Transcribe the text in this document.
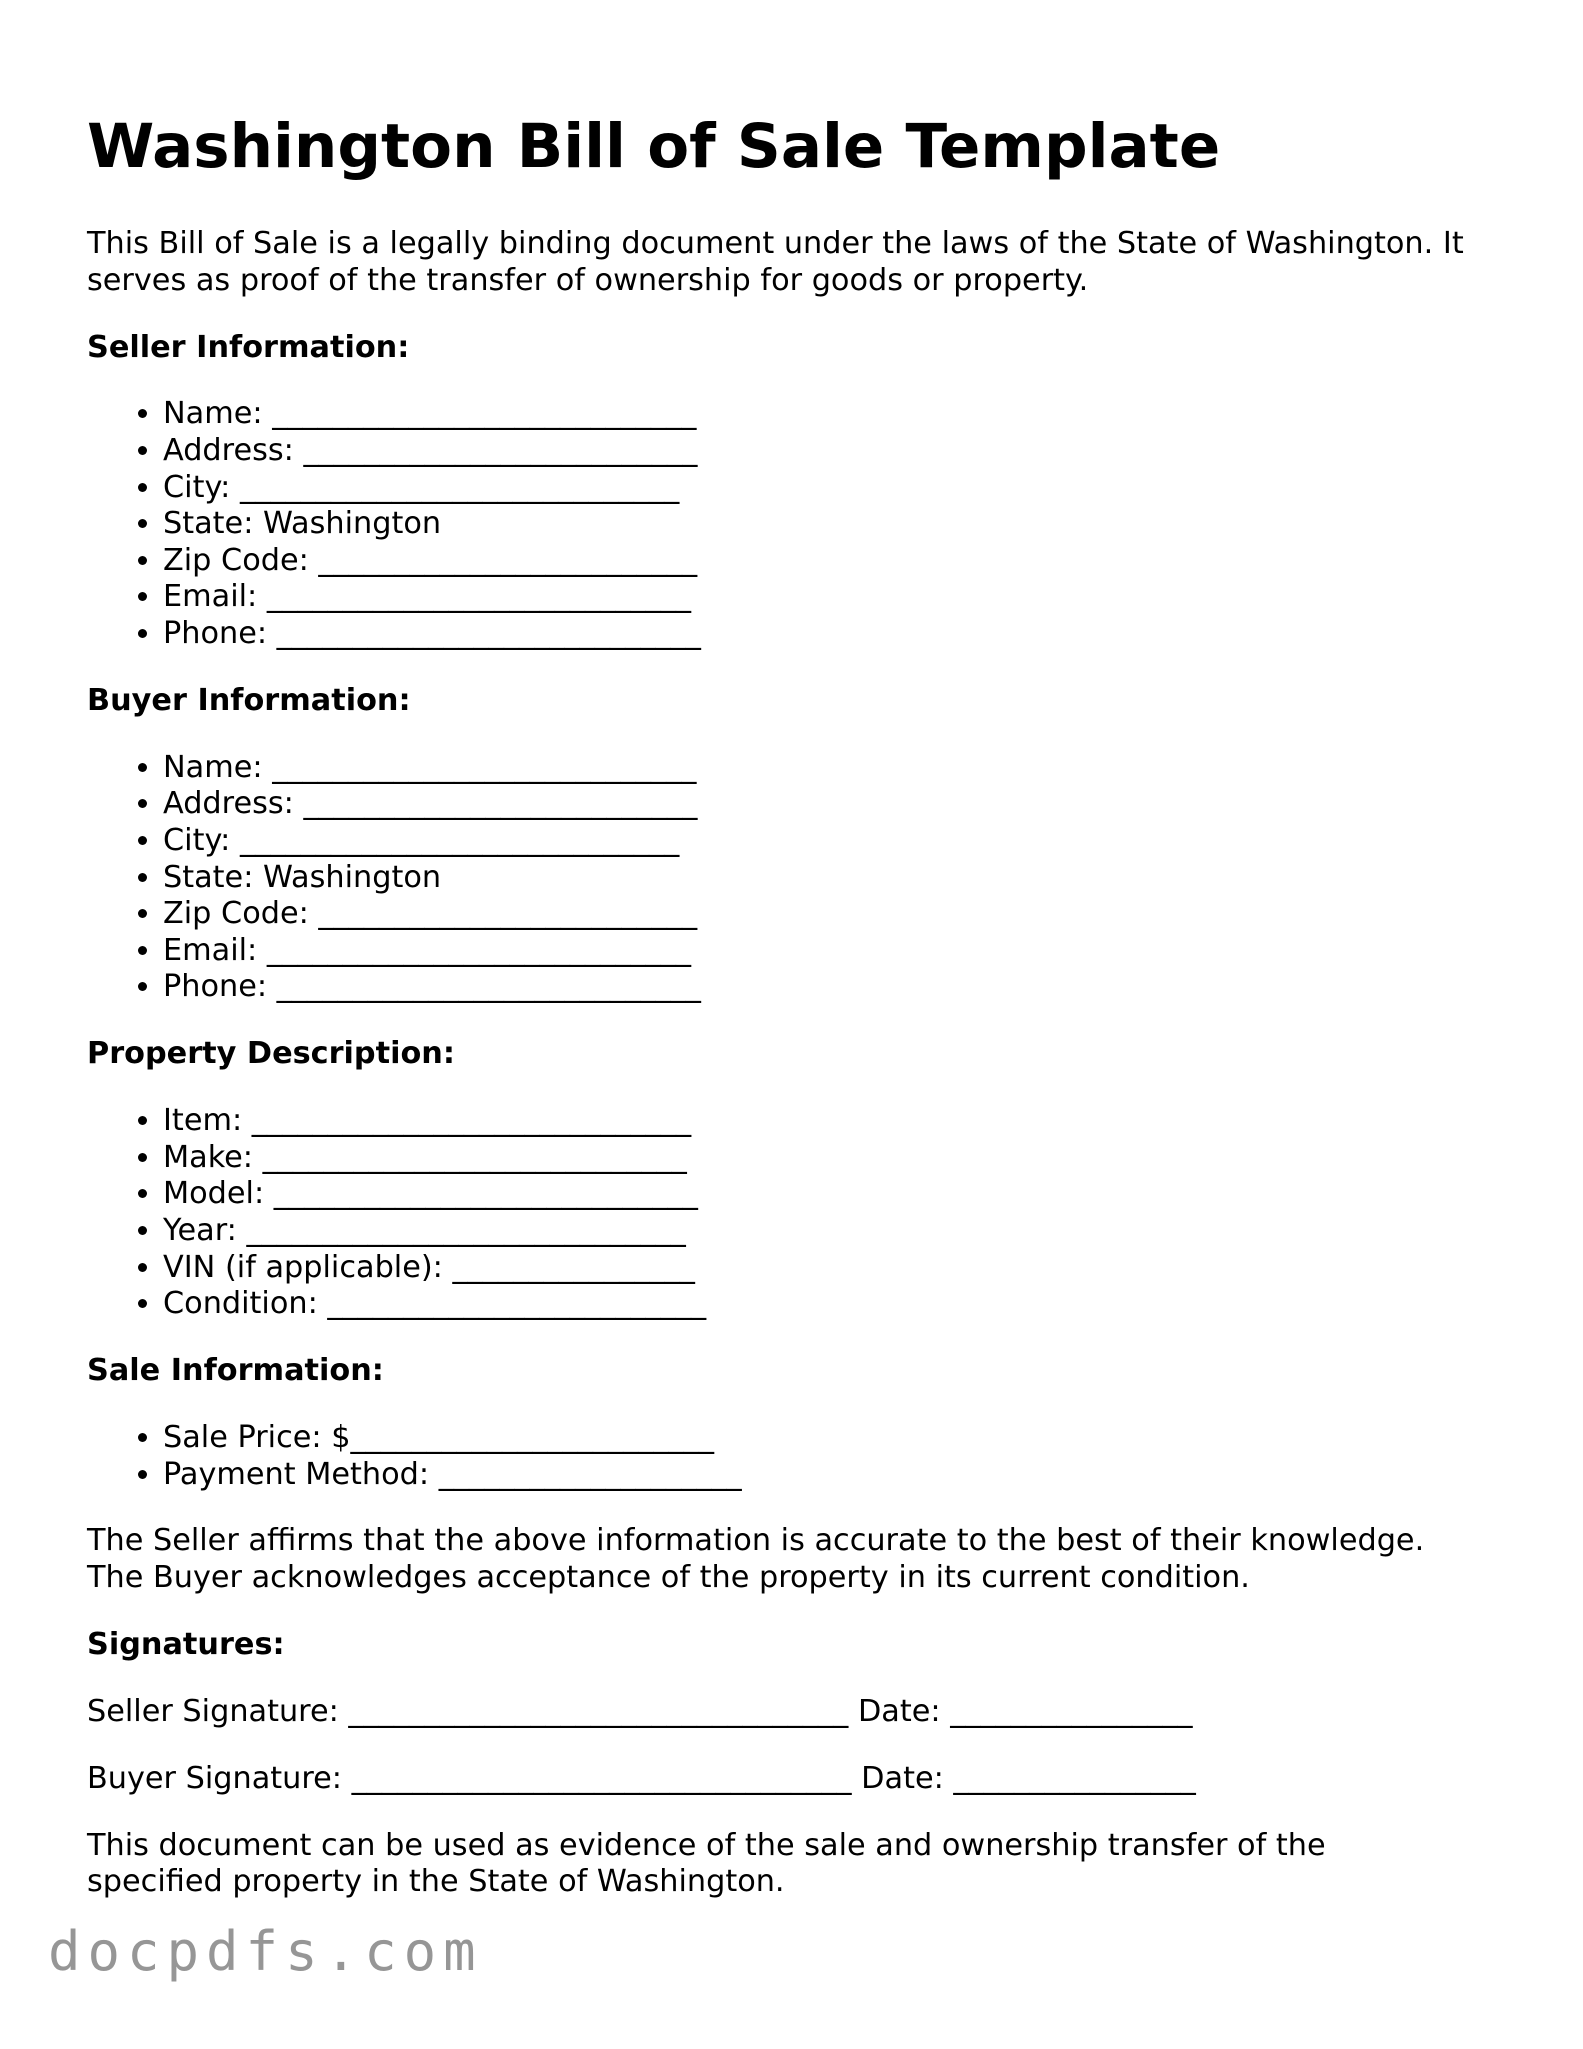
Washington Bill of Sale Template

This Bill of Sale is a legally binding document under the laws of the State of Washington. It
serves as proof of the transfer of ownership for goods or property.

Seller Information:
• Name: ____________________________
• Address: __________________________
• City: _____________________________
• State: Washington
• Zip Code: _________________________
• Email: ____________________________
• Phone: ____________________________
Buyer Information:
• Name: ____________________________
• Address: __________________________
• City: _____________________________
• State: Washington
• Zip Code: _________________________
• Email: ____________________________
• Phone: ____________________________
Property Description:
• Item: _____________________________
• Make: ____________________________
• Model: ____________________________
• Year: _____________________________
• VIN (if applicable): ________________
• Condition: _________________________
Sale Information:
• Sale Price: $________________________
• Payment Method: ____________________

The Seller affirms that the above information is accurate to the best of their knowledge.
The Buyer acknowledges acceptance of the property in its current condition.

Signatures:
Seller Signature: _________________________________ Date: ________________
Buyer Signature: _________________________________ Date: ________________

This document can be used as evidence of the sale and ownership transfer of the
specified property in the State of Washington.

docpdfs.com
